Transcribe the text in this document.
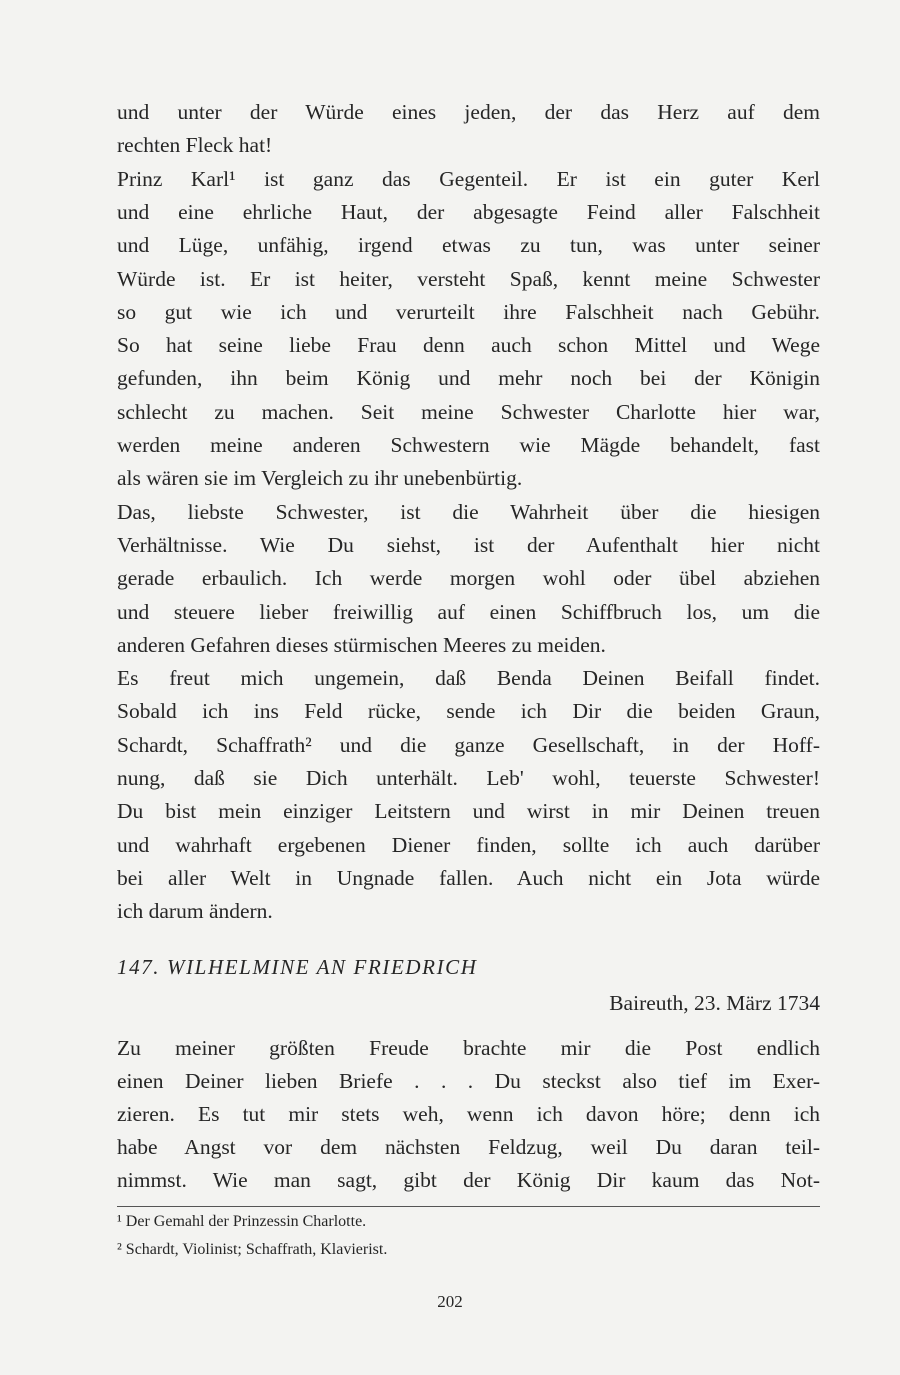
und unter der Würde eines jeden, der das Herz auf dem
rechten Fleck hat!
Prinz Karl¹ ist ganz das Gegenteil. Er ist ein guter Kerl
und eine ehrliche Haut, der abgesagte Feind aller Falschheit
und Lüge, unfähig, irgend etwas zu tun, was unter seiner
Würde ist. Er ist heiter, versteht Spaß, kennt meine Schwester
so gut wie ich und verurteilt ihre Falschheit nach Gebühr.
So hat seine liebe Frau denn auch schon Mittel und Wege
gefunden, ihn beim König und mehr noch bei der Königin
schlecht zu machen. Seit meine Schwester Charlotte hier war,
werden meine anderen Schwestern wie Mägde behandelt, fast
als wären sie im Vergleich zu ihr unebenbürtig.
Das, liebste Schwester, ist die Wahrheit über die hiesigen
Verhältnisse. Wie Du siehst, ist der Aufenthalt hier nicht
gerade erbaulich. Ich werde morgen wohl oder übel abziehen
und steuere lieber freiwillig auf einen Schiffbruch los, um die
anderen Gefahren dieses stürmischen Meeres zu meiden.
Es freut mich ungemein, daß Benda Deinen Beifall findet.
Sobald ich ins Feld rücke, sende ich Dir die beiden Graun,
Schardt, Schaffrath² und die ganze Gesellschaft, in der Hoff-
nung, daß sie Dich unterhält. Leb' wohl, teuerste Schwester!
Du bist mein einziger Leitstern und wirst in mir Deinen treuen
und wahrhaft ergebenen Diener finden, sollte ich auch darüber
bei aller Welt in Ungnade fallen. Auch nicht ein Jota würde
ich darum ändern.
147. WILHELMINE AN FRIEDRICH
Baireuth, 23. März 1734
Zu meiner größten Freude brachte mir die Post endlich
einen Deiner lieben Briefe . . . Du steckst also tief im Exer-
zieren. Es tut mir stets weh, wenn ich davon höre; denn ich
habe Angst vor dem nächsten Feldzug, weil Du daran teil-
nimmst. Wie man sagt, gibt der König Dir kaum das Not-
¹ Der Gemahl der Prinzessin Charlotte.
² Schardt, Violinist; Schaffrath, Klavierist.
202
